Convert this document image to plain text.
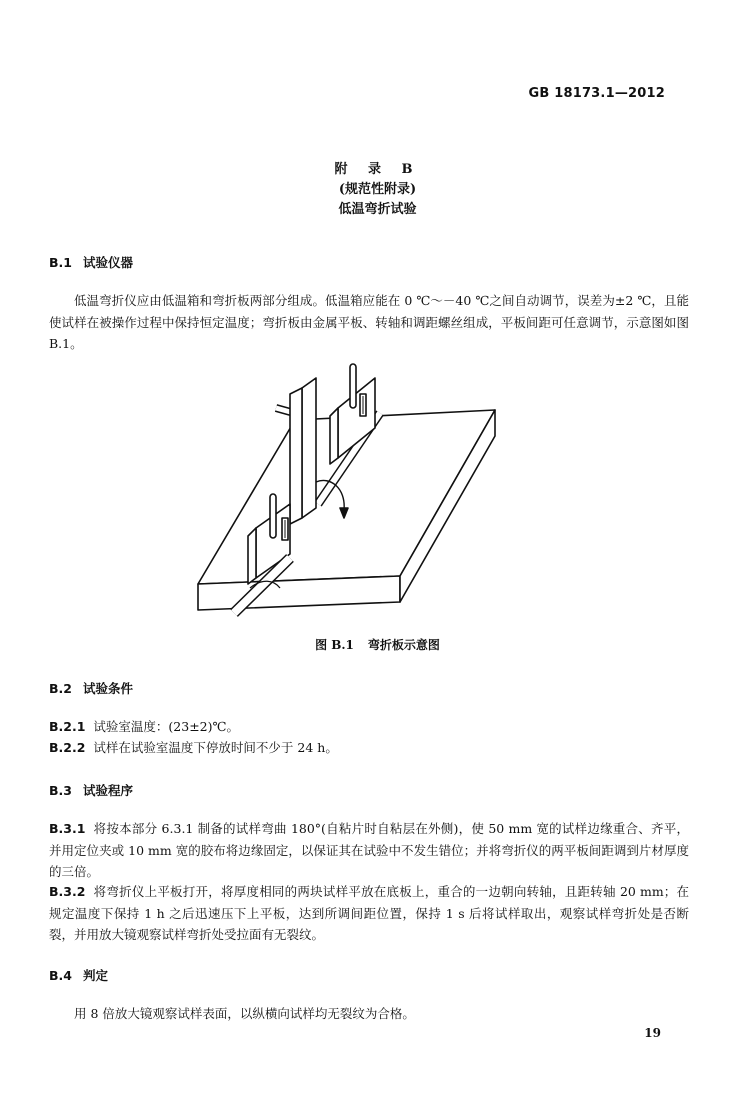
GB 18173.1—2012
附 录 B
(规范性附录)
低温弯折试验
B.1 试验仪器
低温弯折仪应由低温箱和弯折板两部分组成。低温箱应能在 0 ℃～－40 ℃之间自动调节，误差为±2 ℃，且能使试样在被操作过程中保持恒定温度；弯折板由金属平板、转轴和调距螺丝组成，平板间距可任意调节，示意图如图 B.1。
图 B.1 弯折板示意图
B.2 试验条件
B.2.1 试验室温度：(23±2)℃。
B.2.2 试样在试验室温度下停放时间不少于 24 h。
B.3 试验程序
B.3.1 将按本部分 6.3.1 制备的试样弯曲 180°(自粘片时自粘层在外侧)，使 50 mm 宽的试样边缘重合、齐平，并用定位夹或 10 mm 宽的胶布将边缘固定，以保证其在试验中不发生错位；并将弯折仪的两平板间距调到片材厚度的三倍。
B.3.2 将弯折仪上平板打开，将厚度相同的两块试样平放在底板上，重合的一边朝向转轴，且距转轴 20 mm；在规定温度下保持 1 h 之后迅速压下上平板，达到所调间距位置，保持 1 s 后将试样取出，观察试样弯折处是否断裂，并用放大镜观察试样弯折处受拉面有无裂纹。
B.4 判定
用 8 倍放大镜观察试样表面，以纵横向试样均无裂纹为合格。
19
